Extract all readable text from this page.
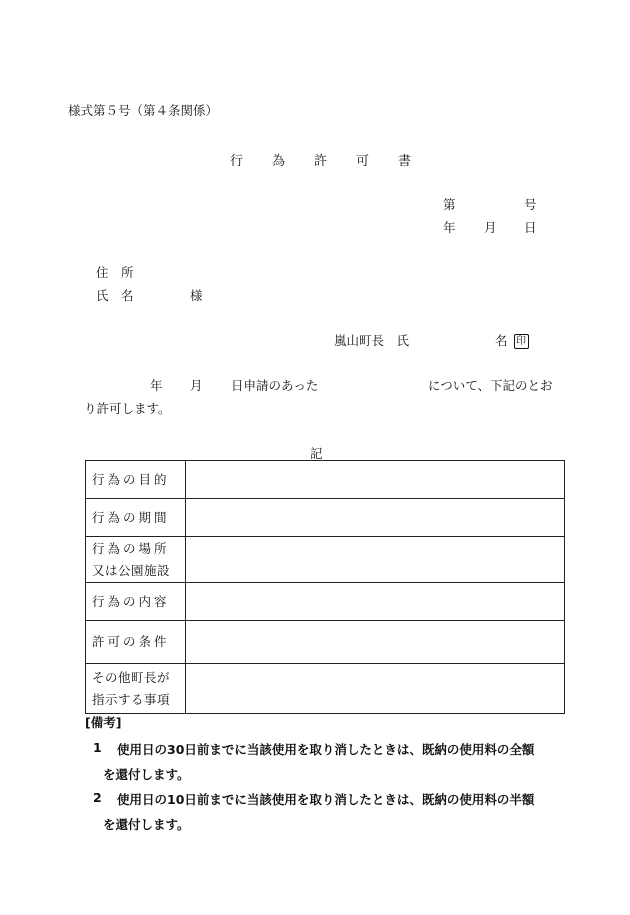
様式第５号（第４条関係）
行 為 許 可 書
第	号
年 月 日
住　所
氏　名	様
嵐山町長　氏	名 印
年 月 日申請のあった	について、下記のとお
り許可します。
記
行為の目的	
行為の期間	

行為の場所
又は公園施設	

行為の内容	
許可の条件	

その他町長が
指示する事項	

[備考]
1 使用日の30日前までに当該使用を取り消したときは、既納の使用料の全額
を還付します。
2 使用日の10日前までに当該使用を取り消したときは、既納の使用料の半額
を還付します。
